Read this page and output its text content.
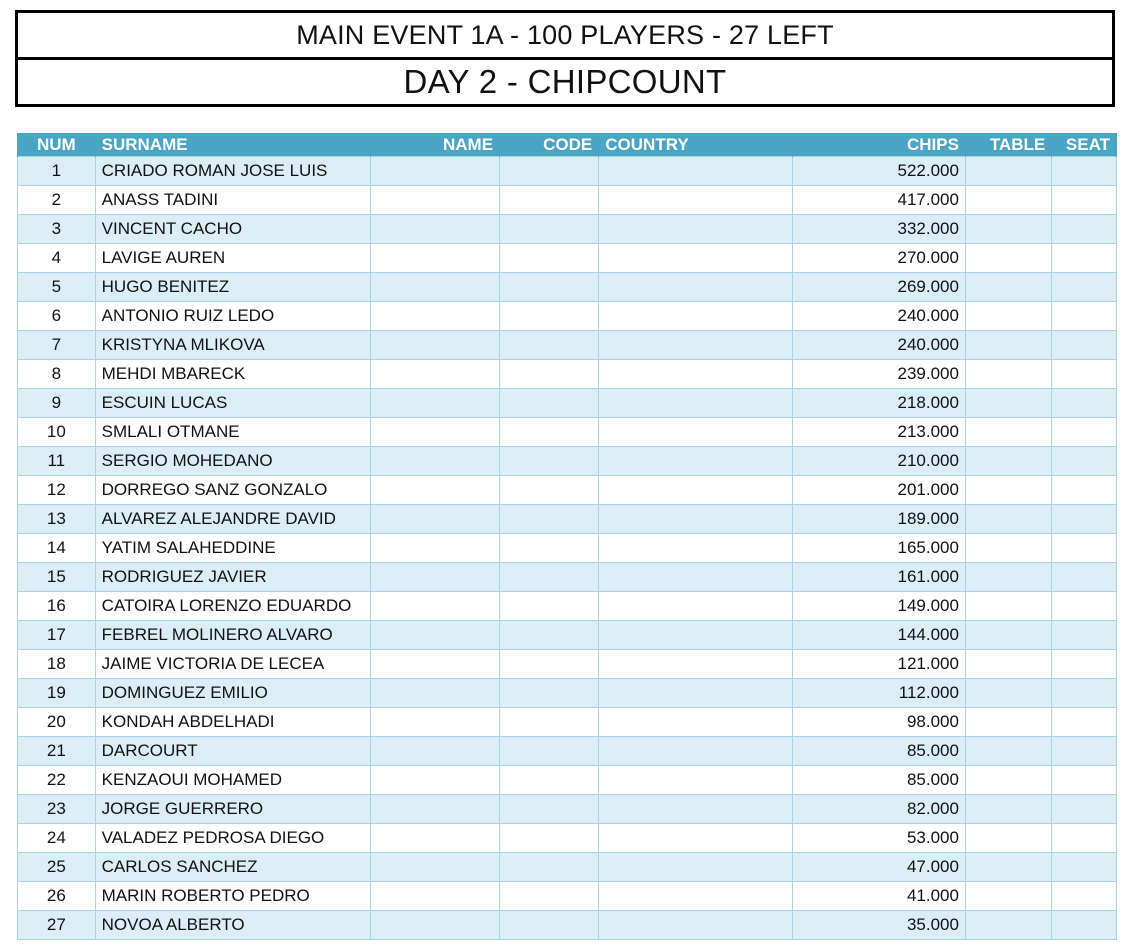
MAIN EVENT 1A - 100 PLAYERS - 27 LEFT
DAY 2 - CHIPCOUNT
NUM	SURNAME	NAME	CODE	COUNTRY	CHIPS	TABLE	SEAT
1	CRIADO ROMAN JOSE LUIS				522.000		
2	ANASS TADINI				417.000		
3	VINCENT CACHO				332.000		
4	LAVIGE AUREN				270.000		
5	HUGO BENITEZ				269.000		
6	ANTONIO RUIZ LEDO				240.000		
7	KRISTYNA MLIKOVA				240.000		
8	MEHDI MBARECK				239.000		
9	ESCUIN LUCAS				218.000		
10	SMLALI OTMANE				213.000		
11	SERGIO MOHEDANO				210.000		
12	DORREGO SANZ GONZALO				201.000		
13	ALVAREZ ALEJANDRE DAVID				189.000		
14	YATIM SALAHEDDINE				165.000		
15	RODRIGUEZ JAVIER				161.000		
16	CATOIRA LORENZO EDUARDO				149.000		
17	FEBREL MOLINERO ALVARO				144.000		
18	JAIME VICTORIA DE LECEA				121.000		
19	DOMINGUEZ EMILIO				112.000		
20	KONDAH ABDELHADI				98.000		
21	DARCOURT				85.000		
22	KENZAOUI MOHAMED				85.000		
23	JORGE GUERRERO				82.000		
24	VALADEZ PEDROSA DIEGO				53.000		
25	CARLOS SANCHEZ				47.000		
26	MARIN ROBERTO PEDRO				41.000		
27	NOVOA ALBERTO				35.000		
